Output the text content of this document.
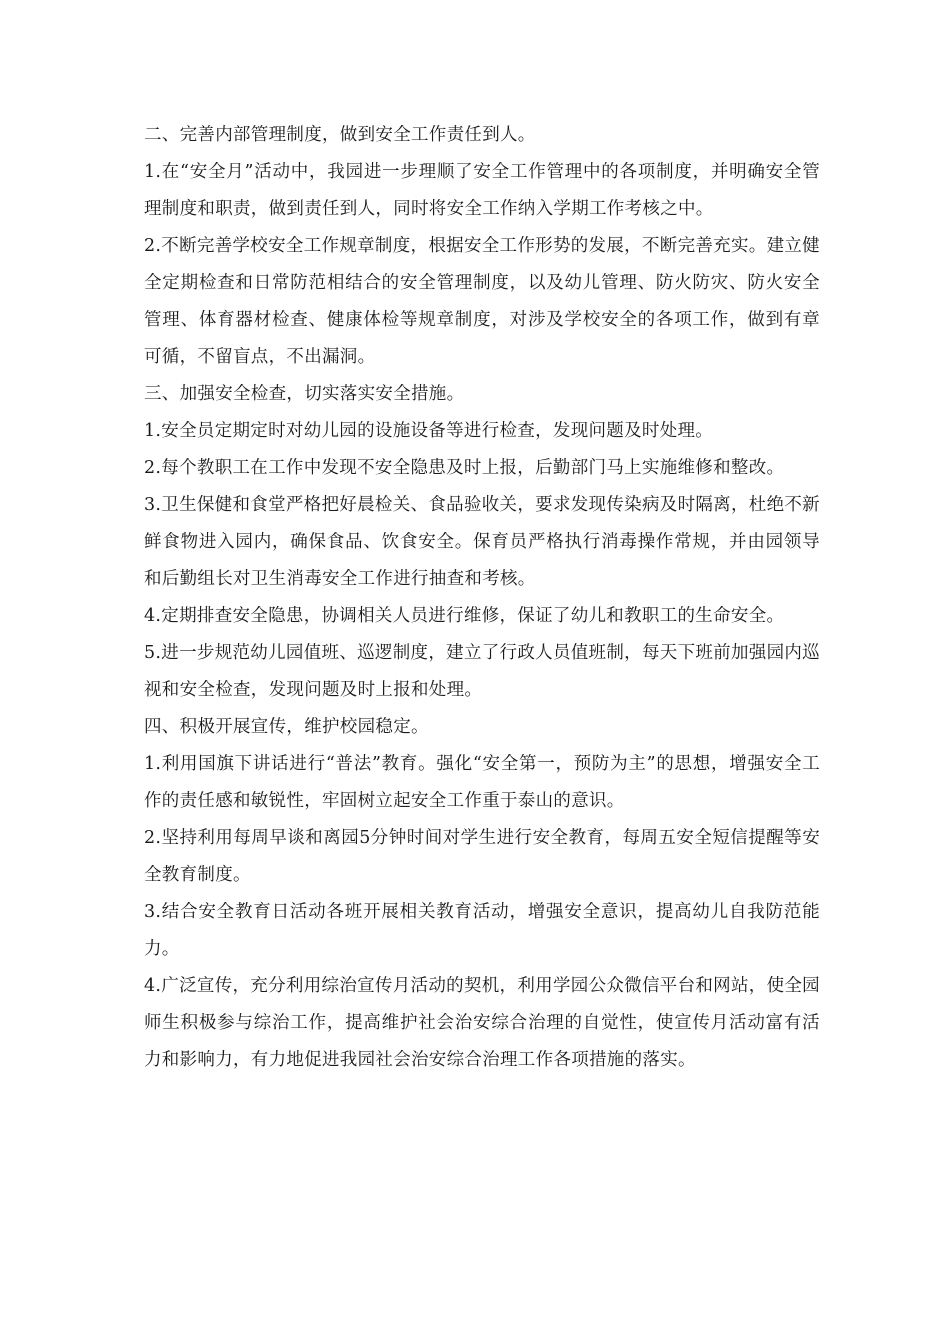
二、完善内部管理制度，做到安全工作责任到人。

1.在“安全月”活动中，我园进一步理顺了安全工作管理中的各项制度，并明确安全管理制度和职责，做到责任到人，同时将安全工作纳入学期工作考核之中。

2.不断完善学校安全工作规章制度，根据安全工作形势的发展，不断完善充实。建立健全定期检查和日常防范相结合的安全管理制度，以及幼儿管理、防火防灾、防火安全管理、体育器材检查、健康体检等规章制度，对涉及学校安全的各项工作，做到有章可循，不留盲点，不出漏洞。

三、加强安全检查，切实落实安全措施。

1.安全员定期定时对幼儿园的设施设备等进行检查，发现问题及时处理。

2.每个教职工在工作中发现不安全隐患及时上报，后勤部门马上实施维修和整改。

3.卫生保健和食堂严格把好晨检关、食品验收关，要求发现传染病及时隔离，杜绝不新鲜食物进入园内，确保食品、饮食安全。保育员严格执行消毒操作常规，并由园领导和后勤组长对卫生消毒安全工作进行抽查和考核。

4.定期排查安全隐患，协调相关人员进行维修，保证了幼儿和教职工的生命安全。

5.进一步规范幼儿园值班、巡逻制度，建立了行政人员值班制，每天下班前加强园内巡视和安全检查，发现问题及时上报和处理。

四、积极开展宣传，维护校园稳定。

1.利用国旗下讲话进行“普法”教育。强化“安全第一，预防为主”的思想，增强安全工作的责任感和敏锐性，牢固树立起安全工作重于泰山的意识。

2.坚持利用每周早谈和离园5分钟时间对学生进行安全教育，每周五安全短信提醒等安全教育制度。

3.结合安全教育日活动各班开展相关教育活动，增强安全意识，提高幼儿自我防范能力。

4.广泛宣传，充分利用综治宣传月活动的契机，利用学园公众微信平台和网站，使全园师生积极参与综治工作，提高维护社会治安综合治理的自觉性，使宣传月活动富有活力和影响力，有力地促进我园社会治安综合治理工作各项措施的落实。
